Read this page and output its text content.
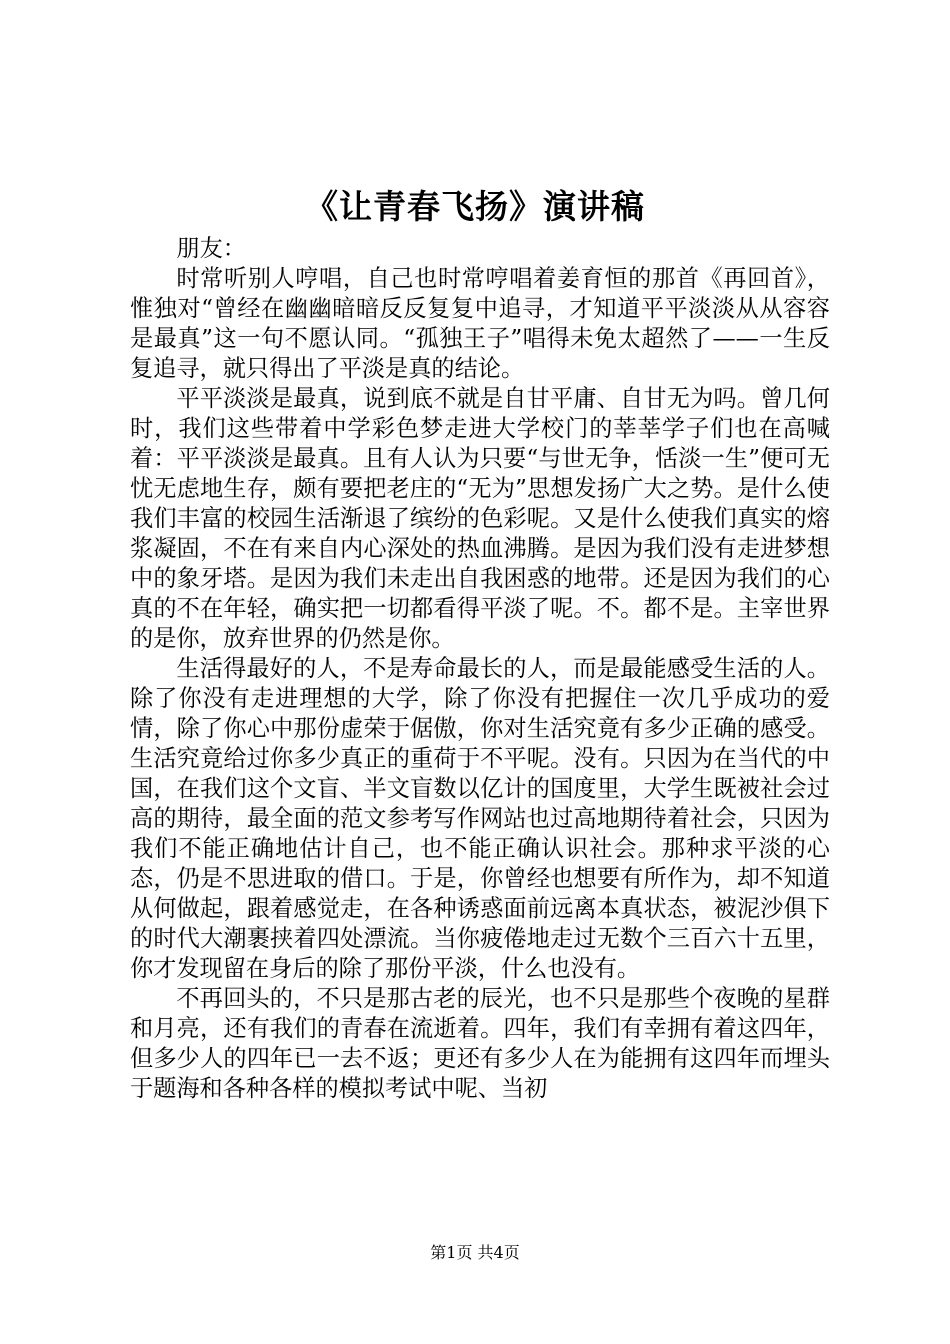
《让青春飞扬》演讲稿

朋友：

时常听别人哼唱，自己也时常哼唱着姜育恒的那首《再回首》，惟独对“曾经在幽幽暗暗反反复复中追寻，才知道平平淡淡从从容容是最真”这一句不愿认同。“孤独王子”唱得未免太超然了——一生反复追寻，就只得出了平淡是真的结论。

平平淡淡是最真，说到底不就是自甘平庸、自甘无为吗。曾几何时，我们这些带着中学彩色梦走进大学校门的莘莘学子们也在高喊着：平平淡淡是最真。且有人认为只要“与世无争，恬淡一生”便可无忧无虑地生存，颇有要把老庄的“无为”思想发扬广大之势。是什么使我们丰富的校园生活渐退了缤纷的色彩呢。又是什么使我们真实的熔浆凝固，不在有来自内心深处的热血沸腾。是因为我们没有走进梦想中的象牙塔。是因为我们未走出自我困惑的地带。还是因为我们的心真的不在年轻，确实把一切都看得平淡了呢。不。都不是。主宰世界的是你，放弃世界的仍然是你。

生活得最好的人，不是寿命最长的人，而是最能感受生活的人。除了你没有走进理想的大学，除了你没有把握住一次几乎成功的爱情，除了你心中那份虚荣于倨傲，你对生活究竟有多少正确的感受。生活究竟给过你多少真正的重荷于不平呢。没有。只因为在当代的中国，在我们这个文盲、半文盲数以亿计的国度里，大学生既被社会过高的期待，最全面的范文参考写作网站也过高地期待着社会，只因为我们不能正确地估计自己，也不能正确认识社会。那种求平淡的心态，仍是不思进取的借口。于是，你曾经也想要有所作为，却不知道从何做起，跟着感觉走，在各种诱惑面前远离本真状态，被泥沙俱下的时代大潮裹挟着四处漂流。当你疲倦地走过无数个三百六十五里，你才发现留在身后的除了那份平淡，什么也没有。

不再回头的，不只是那古老的辰光，也不只是那些个夜晚的星群和月亮，还有我们的青春在流逝着。四年，我们有幸拥有着这四年，但多少人的四年已一去不返；更还有多少人在为能拥有这四年而埋头于题海和各种各样的模拟考试中呢、当初

第1页 共4页
